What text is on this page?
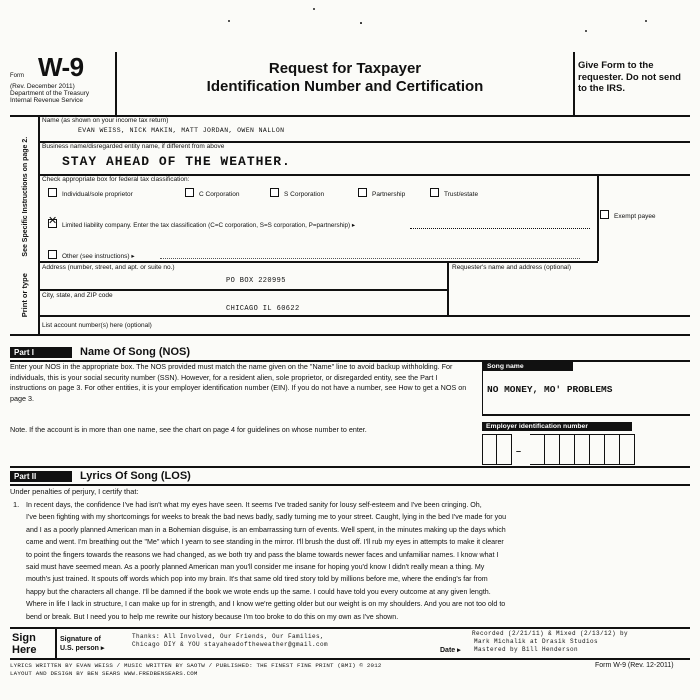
Form W-9
(Rev. December 2011)
Department of the Treasury
Internal Revenue Service
Request for Taxpayer
Identification Number and Certification
Give Form to the requester. Do not send to the IRS.
Print or type See Specific Instructions on page 2.
Name (as shown on your income tax return)
EVAN WEISS, NICK MAKIN, MATT JORDAN, OWEN NALLON
Business name/disregarded entity name, if different from above
STAY AHEAD OF THE WEATHER.
Check appropriate box for federal tax classification:
Individual/sole proprietor	C Corporation	S Corporation	Partnership	Trust/estate
✕Limited liability company. Enter the tax classification (C=C corporation, S=S corporation, P=partnership) ▸
Exempt payee
Other (see instructions) ▸
Address (number, street, and apt. or suite no.)
PO BOX 220995
Requester's name and address (optional)
City, state, and ZIP code
CHICAGO IL 60622
List account number(s) here (optional)
Part I	Name Of Song (NOS)
Enter your NOS in the appropriate box. The NOS provided must match the name given on the "Name" line to avoid backup withholding. For individuals, this is your social security number (SSN). However, for a resident alien, sole proprietor, or disregarded entity, see the Part I instructions on page 3. For other entities, it is your employer identification number (EIN). If you do not have a number, see How to get a NOS on page 3.
Note. If the account is in more than one name, see the chart on page 4 for guidelines on whose number to enter.
Song name
NO MONEY, MO' PROBLEMS
Employer identification number
–
Part II	Lyrics Of Song (LOS)
Under penalties of perjury, I certify that:
1. In recent days, the confidence I've had isn't what my eyes have seen. It seems I've traded sanity for lousy self-esteem and I've been cringing. Oh,
I've been fighting with my shortcomings for weeks to break the bad news badly, sadly turning me to your street. Caught, lying in the bed I've made for you
and I as a poorly planned American man in a Bohemian disguise, is an embarrassing turn of events. Well spent, in the minutes making up the days which
came and went. I'm breathing out the "Me" which I yearn to see standing in the mirror. I'll brush the dust off. I'll rub my eyes in attempts to make it clearer
to point the fingers towards the reasons we had changed, as we both try and pass the blame towards newer faces and unfamiliar names. I know what I
said must have seemed mean. As a poorly planned American man you'll consider me insane for hoping you'd know I didn't really mean a thing. My
mouth's just trained. It spouts off words which pop into my brain. It's that same old tired story told by millions before me, where the ending's far from
happy but the characters all change. I'll be damned if the book we wrote ends up the same. I could have told you every outcome at any given length.
Where in life I lack in structure, I can make up for in strength, and I know we're getting older but our weight is on my shoulders. And you are not too old to
bend or break. But I need you to help me rewrite our history because I'm too broke to do this on my own as I've shown.
Sign Here
Signature of U.S. person ▸
Thanks: All Involved, Our Friends, Our Families,
Chicago DIY & YOU stayaheadoftheweather@gmail.com
Recorded (2/21/11) & Mixed (2/13/12) by
Mark Michalik at Drasik Studios
Date ▸ Mastered by Bill Henderson
LYRICS WRITTEN BY EVAN WEISS / MUSIC WRITTEN BY SAOTW / PUBLISHED: THE FINEST FINE PRINT (BMI) © 2012
LAYOUT AND DESIGN BY BEN SEARS WWW.FREDBENSEARS.COM
Form W-9 (Rev. 12-2011)
